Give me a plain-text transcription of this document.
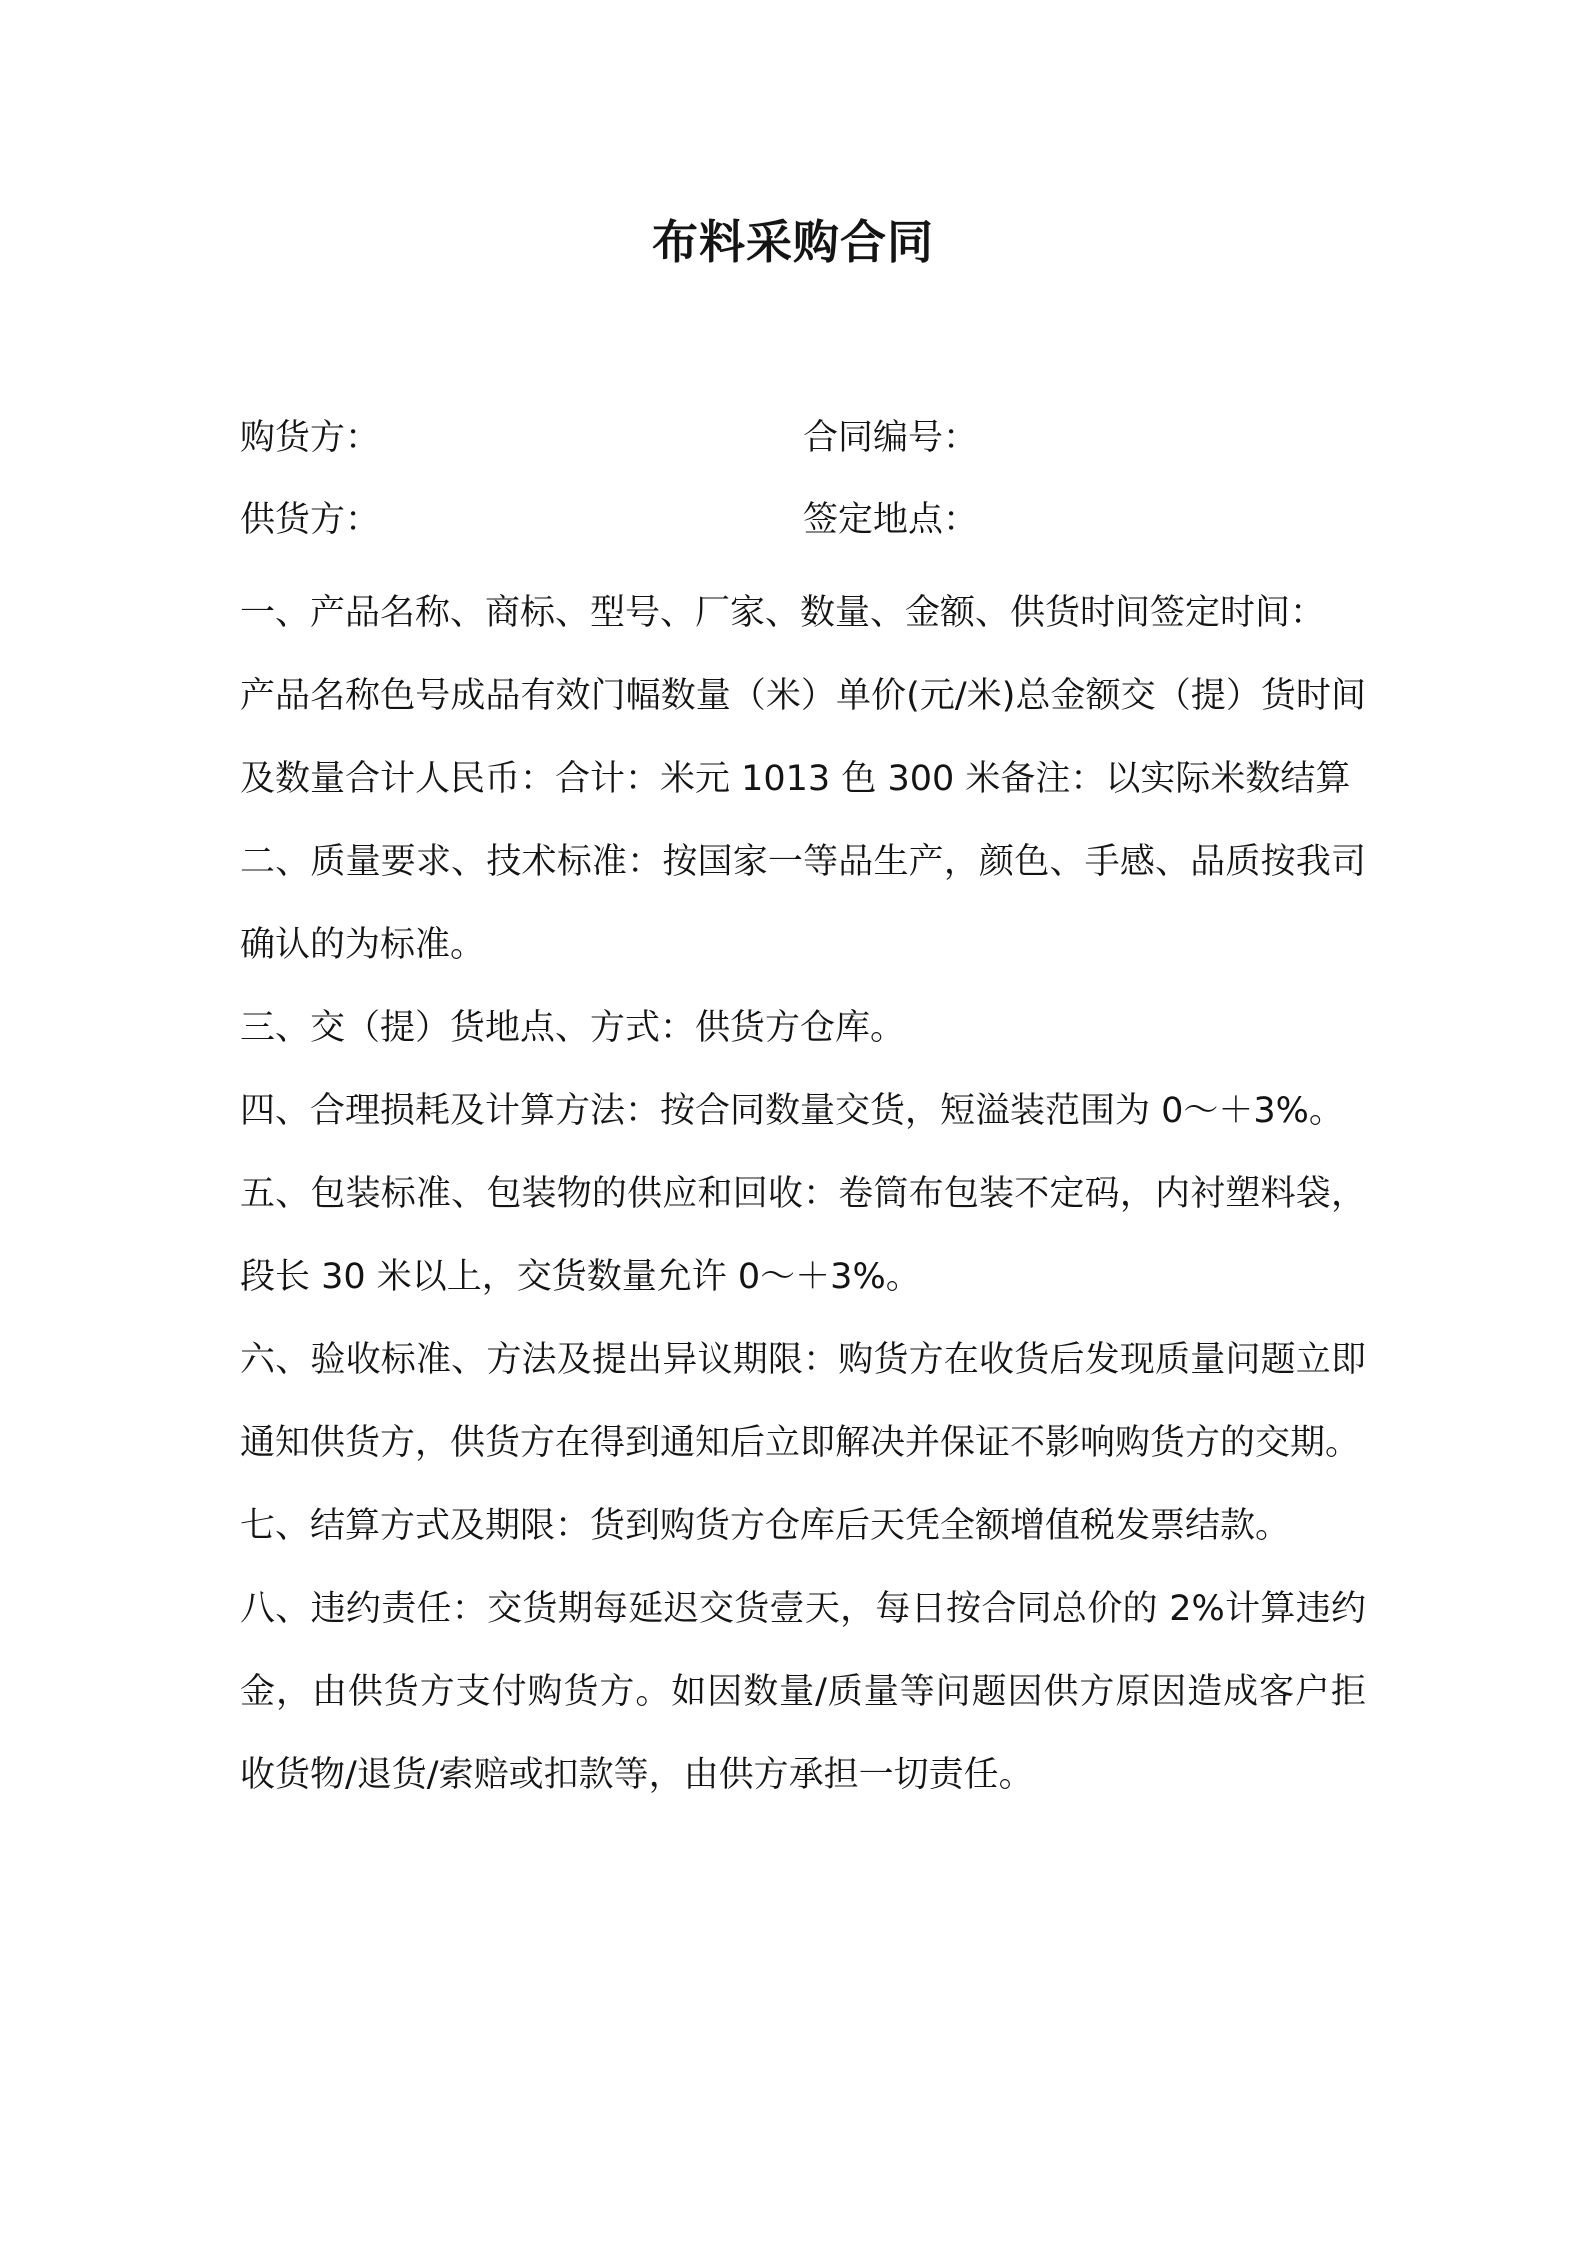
布料采购合同
购货方：	合同编号：
供货方：	签定地点：

一、产品名称、商标、型号、厂家、数量、金额、供货时间签定时间：

产品名称色号成品有效门幅数量（米）单价(元/米)总金额交（提）货时间及数量合计人民币：合计：米元 1013 色 300 米备注：以实际米数结算

二、质量要求、技术标准：按国家一等品生产，颜色、手感、品质按我司确认的为标准。

三、交（提）货地点、方式：供货方仓库。

四、合理损耗及计算方法：按合同数量交货，短溢装范围为 0～＋3%。

五、包装标准、包装物的供应和回收：卷筒布包装不定码，内衬塑料袋，段长 30 米以上，交货数量允许 0～＋3%。

六、验收标准、方法及提出异议期限：购货方在收货后发现质量问题立即通知供货方，供货方在得到通知后立即解决并保证不影响购货方的交期。

七、结算方式及期限：货到购货方仓库后天凭全额增值税发票结款。

八、违约责任：交货期每延迟交货壹天，每日按合同总价的 2%计算违约金，由供货方支付购货方。如因数量/质量等问题因供方原因造成客户拒收货物/退货/索赔或扣款等，由供方承担一切责任。
